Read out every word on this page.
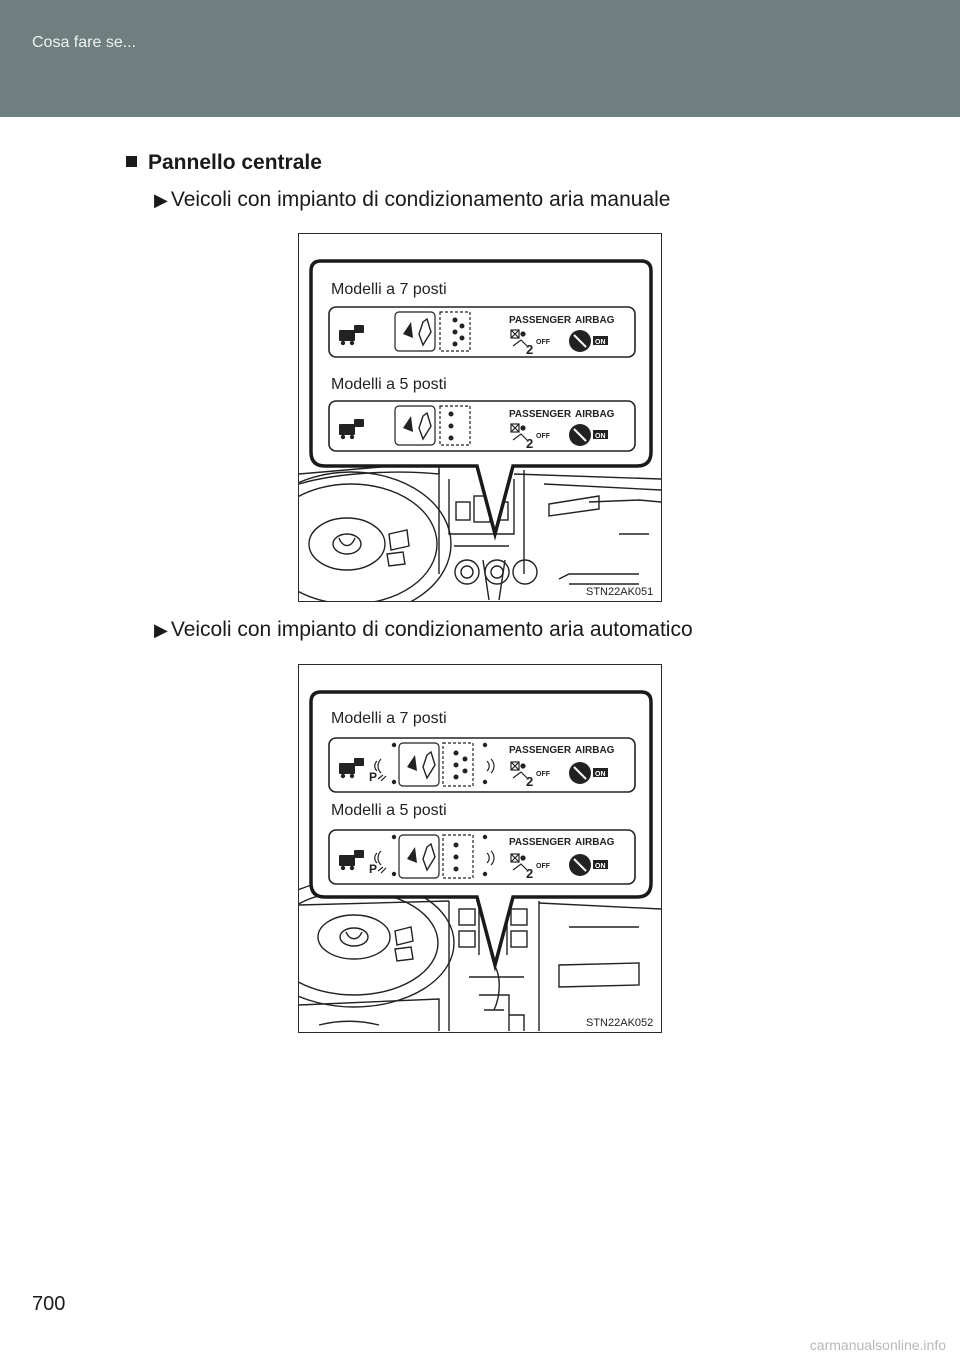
Cosa fare se...
Pannello centrale
▶ Veicoli con impianto di condizionamento aria manuale
Modelli a 7 posti
PASSENGER AIRBAG
2 OFF	ON
Modelli a 5 posti
PASSENGER AIRBAG
2 OFF	ON
STN22AK051
▶ Veicoli con impianto di condizionamento aria automatico
Modelli a 7 posti
P
PASSENGER AIRBAG
2 OFF	ON
Modelli a 5 posti
P
PASSENGER AIRBAG
2 OFF	ON
STN22AK052
700
carmanualsonline.info
